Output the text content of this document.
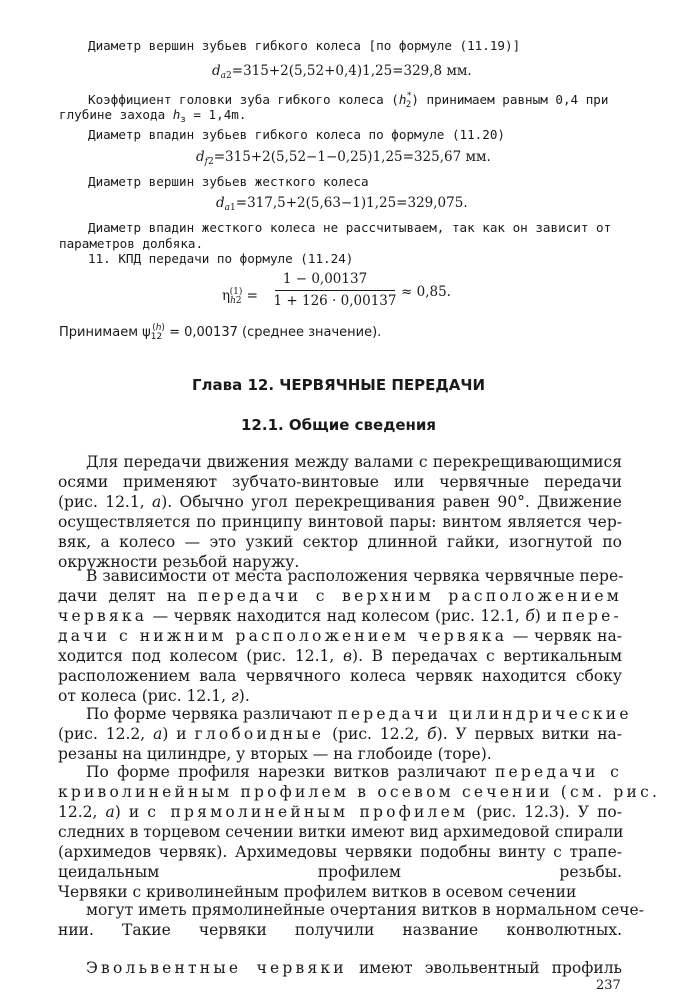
Диаметр вершин зубьев гибкого колеса [по формуле (11.19)]
$d_{a2}=315+2(5,52+0,4)1,25=329,8$ мм.
Коэффициент головки зуба гибкого колеса $(h^*_2)$ принимаем равным 0,4 при
глубине захода $h_з = 1,4m$.
Диаметр впадин зубьев гибкого колеса по формуле (11.20)
$d_{f2}=315+2(5,52-1-0,25)1,25=325,67$ мм.
Диаметр вершин зубьев жесткого колеса
$d_{a1}=317,5+2(5,63-1)1,25=329,075$.
Диаметр впадин жесткого колеса не рассчитываем, так как он зависит от
параметров долбяка.
11. КПД передачи по формуле (11.24)
$\eta_{h2}^{(1)}$ =
1 − 0,00137
1 + 126 · 0,00137
≈ 0,85.
Принимаем $\psi_{12}^{(h)} = 0,00137$ (среднее значение).
Глава 12. ЧЕРВЯЧНЫЕ ПЕРЕДАЧИ
12.1. Общие сведения
Для передачи движения между валами с перекрещивающимися
осями применяют зубчато-винтовые или червячные передачи
(рис. 12.1, а). Обычно угол перекрещивания равен 90°. Движение
осуществляется по принципу винтовой пары: винтом является чер-
вяк, а колесо — это узкий сектор длинной гайки, изогнутой по
окружности резьбой наружу.
В зависимости от места расположения червяка червячные пере-
дачи делят на передачи с верхним расположением
червяка — червяк находится над колесом (рис. 12.1, б) и пере-
дачи с нижним расположением червяка — червяк на-
ходится под колесом (рис. 12.1, в). В передачах с вертикальным
расположением вала червячного колеса червяк находится сбоку
от колеса (рис. 12.1, г).
По форме червяка различают передачи цилиндрические
(рис. 12.2, а) и глобоидные (рис. 12.2, б). У первых витки на-
резаны на цилиндре, у вторых — на глобоиде (торе).
По форме профиля нарезки витков различают передачи с
криволинейным профилем в осевом сечении (см. рис.
12.2, а) и с прямолинейным профилем (рис. 12.3). У по-
следних в торцевом сечении витки имеют вид архимедовой спирали
(архимедов червяк). Архимедовы червяки подобны винту с трапе-
цеидальным профилем резьбы.
Червяки с криволинейным профилем витков в осевом сечении
могут иметь прямолинейные очертания витков в нормальном сече-
нии. Такие червяки получили название конволютных.
Эвольвентные червяки имеют эвольвентный профиль
237
